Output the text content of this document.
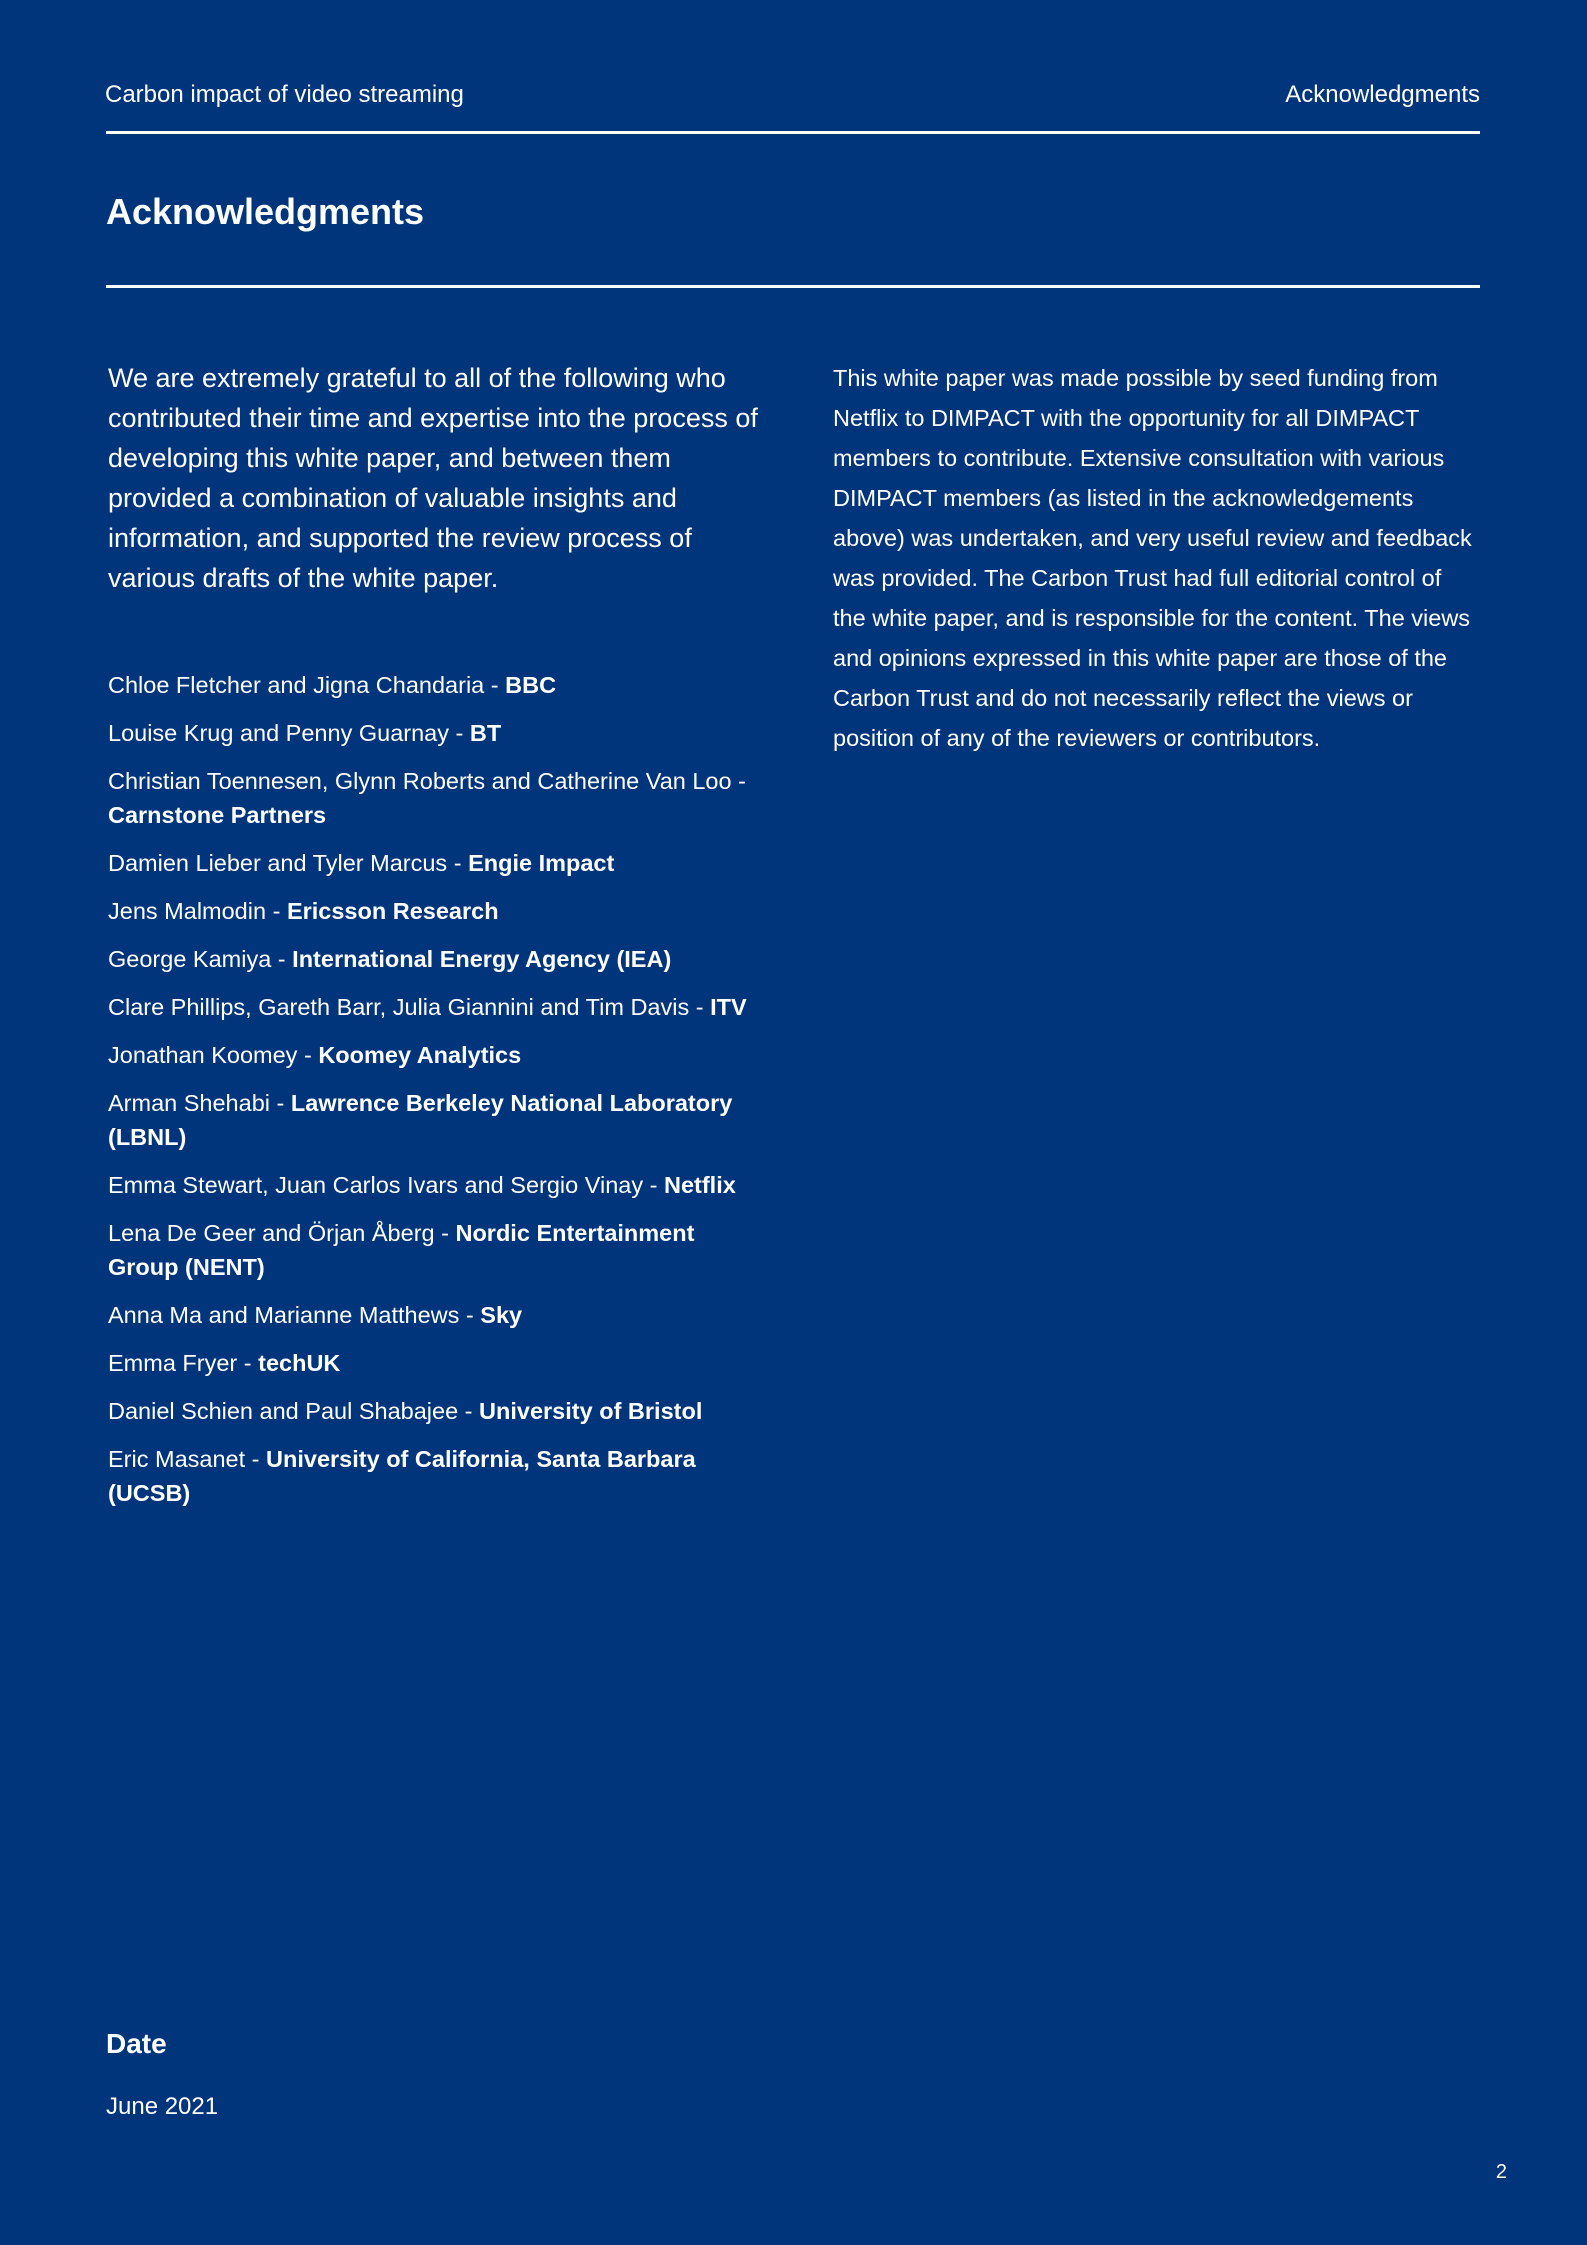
Carbon impact of video streaming	Acknowledgments
Acknowledgments

We are extremely grateful to all of the following who contributed their time and expertise into the process of developing this white paper, and between them provided a combination of valuable insights and information, and supported the review process of various drafts of the white paper.

Chloe Fletcher and Jigna Chandaria - BBC
Louise Krug and Penny Guarnay - BT
Christian Toennesen, Glynn Roberts and Catherine Van Loo - Carnstone Partners
Damien Lieber and Tyler Marcus - Engie Impact
Jens Malmodin - Ericsson Research
George Kamiya - International Energy Agency (IEA)
Clare Phillips, Gareth Barr, Julia Giannini and Tim Davis - ITV
Jonathan Koomey - Koomey Analytics
Arman Shehabi - Lawrence Berkeley National Laboratory (LBNL)
Emma Stewart, Juan Carlos Ivars and Sergio Vinay - Netflix
Lena De Geer and Örjan Åberg - Nordic Entertainment Group (NENT)
Anna Ma and Marianne Matthews - Sky
Emma Fryer - techUK
Daniel Schien and Paul Shabajee - University of Bristol
Eric Masanet - University of California, Santa Barbara (UCSB)

This white paper was made possible by seed funding from Netflix to DIMPACT with the opportunity for all DIMPACT members to contribute. Extensive consultation with various DIMPACT members (as listed in the acknowledgements above) was undertaken, and very useful review and feedback was provided. The Carbon Trust had full editorial control of the white paper, and is responsible for the content. The views and opinions expressed in this white paper are those of the Carbon Trust and do not necessarily reflect the views or position of any of the reviewers or contributors.

Date
June 2021
2
